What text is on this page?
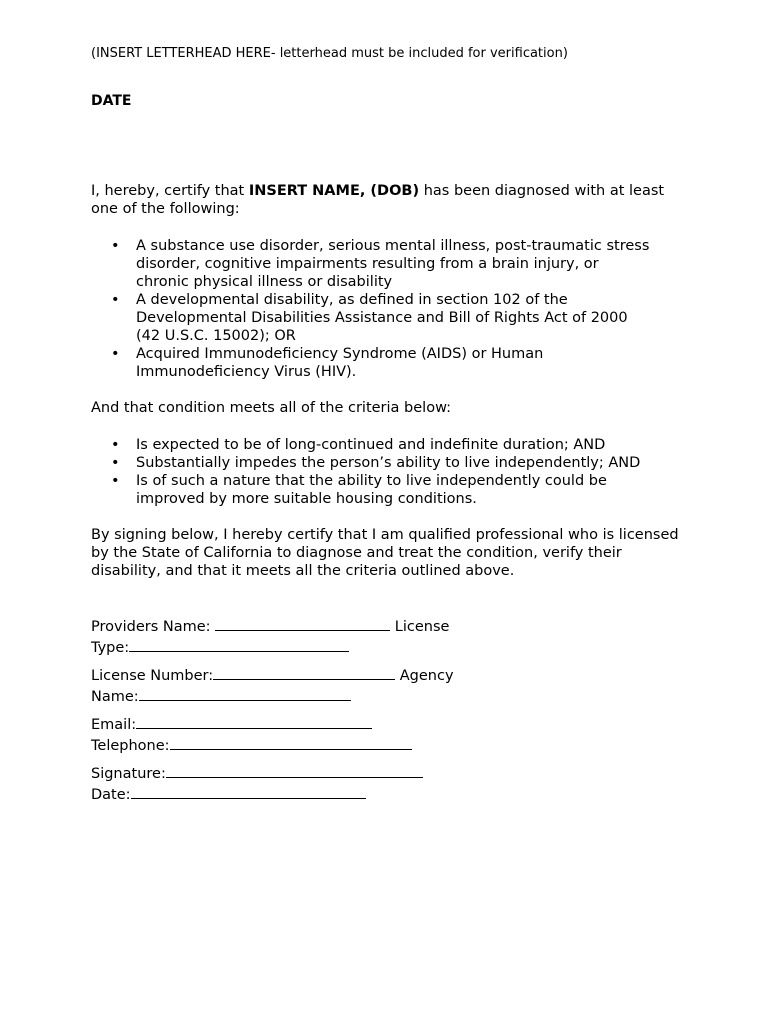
(INSERT LETTERHEAD HERE- letterhead must be included for verification)
DATE
I, hereby, certify that INSERT NAME, (DOB) has been diagnosed with at least one of the following:
• A substance use disorder, serious mental illness, post-traumatic stress disorder, cognitive impairments resulting from a brain injury, or chronic physical illness or disability
• A developmental disability, as defined in section 102 of the Developmental Disabilities Assistance and Bill of Rights Act of 2000 (42 U.S.C. 15002); OR
• Acquired Immunodeficiency Syndrome (AIDS) or Human Immunodeficiency Virus (HIV).
And that condition meets all of the criteria below:
• Is expected to be of long-continued and indefinite duration; AND
• Substantially impedes the person’s ability to live independently; AND
• Is of such a nature that the ability to live independently could be improved by more suitable housing conditions.
By signing below, I hereby certify that I am qualified professional who is licensed by the State of California to diagnose and treat the condition, verify their disability, and that it meets all the criteria outlined above.
Providers Name:	License
Type:
License Number:	Agency
Name:
Email:
Telephone:
Signature:
Date:
